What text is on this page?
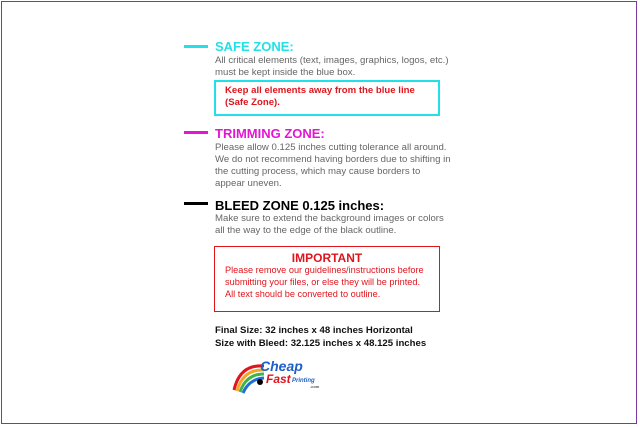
SAFE ZONE:
All critical elements (text, images, graphics, logos, etc.)
must be kept inside the blue box.
Keep all elements away from the blue line
(Safe Zone).
TRIMMING ZONE:
Please allow 0.125 inches cutting tolerance all around.
We do not recommend having borders due to shifting in
the cutting process, which may cause borders to
appear uneven.
BLEED ZONE 0.125 inches:
Make sure to extend the background images or colors
all the way to the edge of the black outline.
IMPORTANT
Please remove our guidelines/instructions before
submitting your files, or else they will be printed.
All text should be converted to outline.
Final Size: 32 inches x 48 inches Horizontal
Size with Bleed: 32.125 inches x 48.125 inches
Cheap
Fast Printing
.com
